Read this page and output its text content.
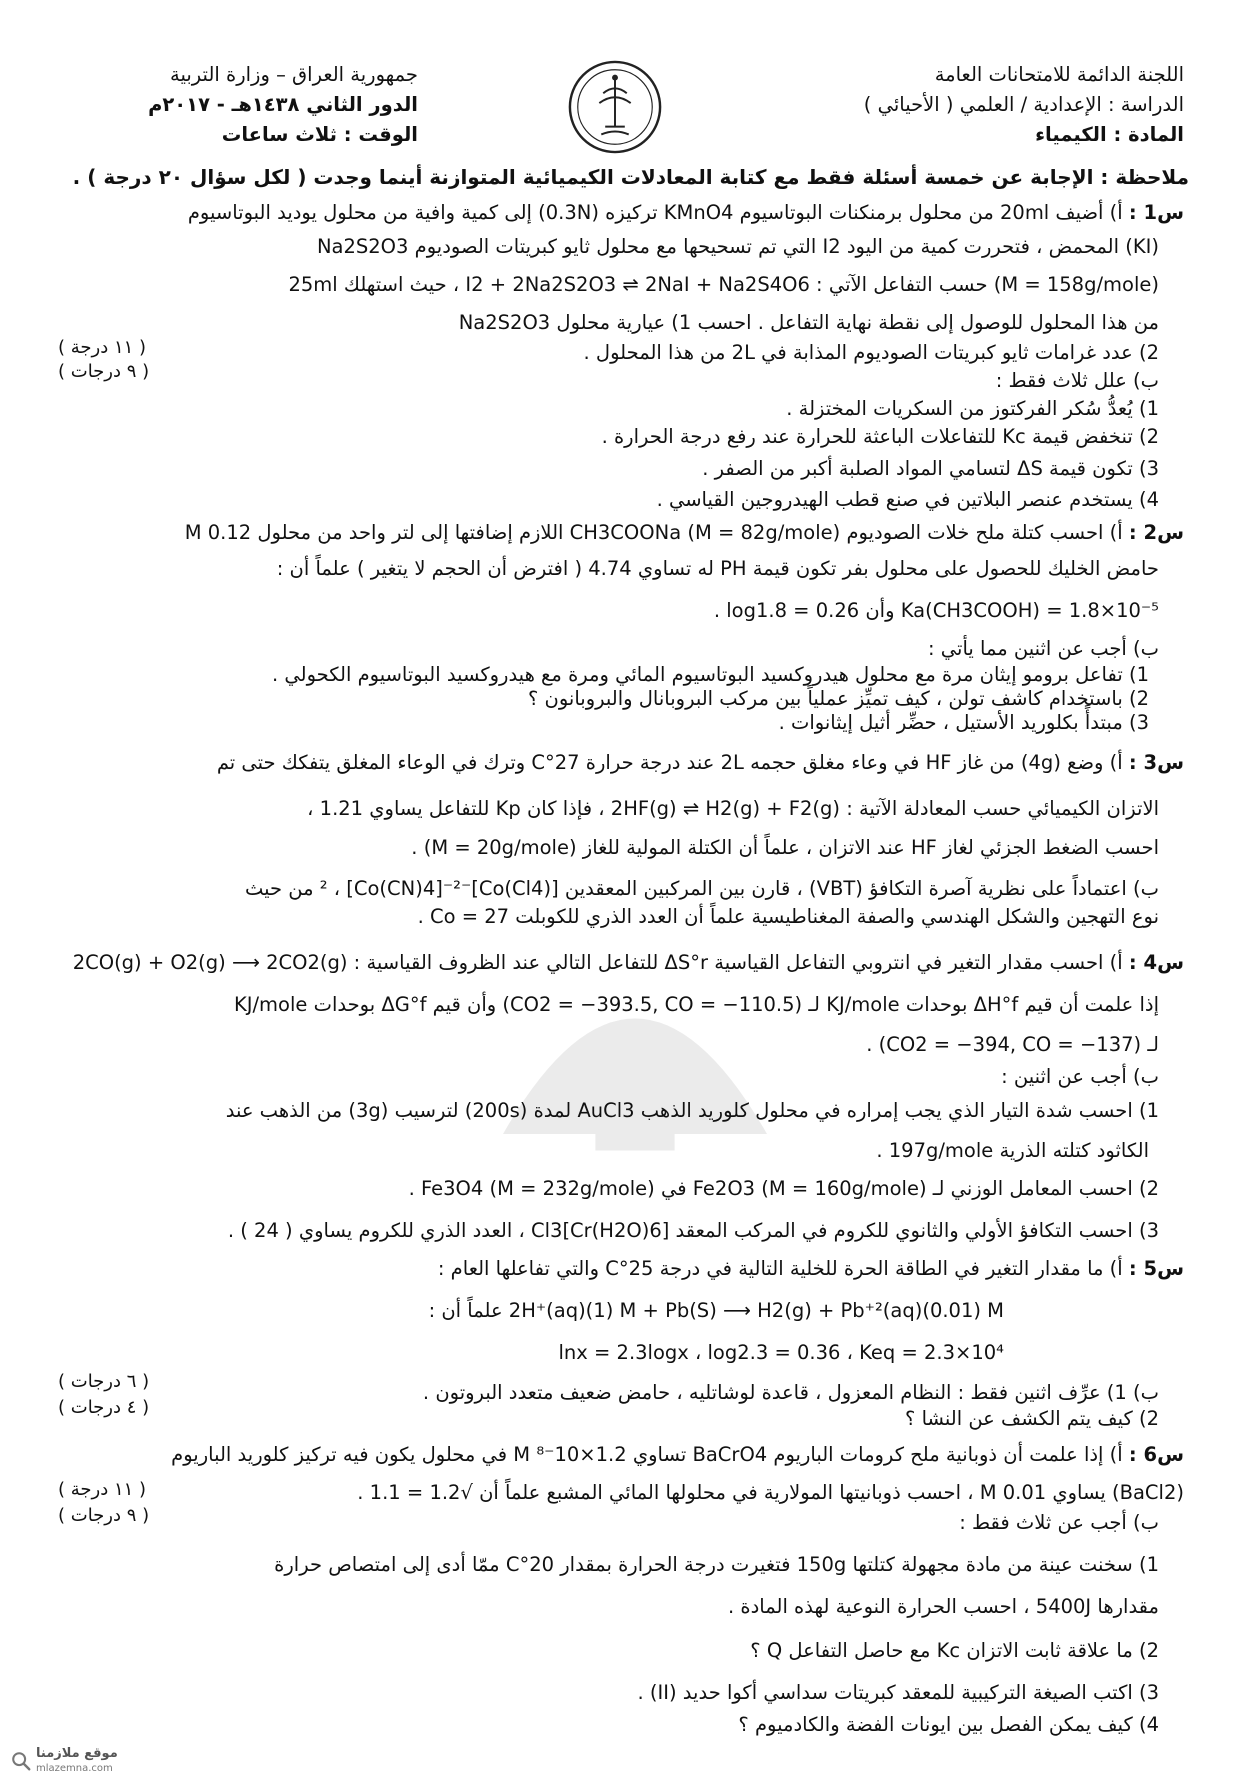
اللجنة الدائمة للامتحانات العامة
الدراسة : الإعدادية / العلمي ( الأحيائي )
المادة : الكيمياء
جمهورية العراق – وزارة التربية
الدور الثاني ١٤٣٨هـ - ٢٠١٧م
الوقت : ثلاث ساعات
ملاحظة : الإجابة عن خمسة أسئلة فقط مع كتابة المعادلات الكيميائية المتوازنة أينما وجدت ( لكل سؤال ٢٠ درجة ) .
س1 : أ) أضيف 20ml من محلول برمنكنات البوتاسيوم KMnO4 تركيزه (0.3N) إلى كمية وافية من محلول يوديد البوتاسيوم
(KI) المحمض ، فتحررت كمية من اليود I2 التي تم تسحيحها مع محلول ثايو كبريتات الصوديوم Na2S2O3
(M = 158g/mole) حسب التفاعل الآتي : I2 + 2Na2S2O3 ⇌ 2NaI + Na2S4O6 ، حيث استهلك 25ml
من هذا المحلول للوصول إلى نقطة نهاية التفاعل . احسب 1) عيارية محلول Na2S2O3
2) عدد غرامات ثايو كبريتات الصوديوم المذابة في 2L من هذا المحلول .
( ١١ درجة )
( ٩ درجات )	ب) علل ثلاث فقط :
1) يُعدُّ سُكر الفركتوز من السكريات المختزلة .
2) تنخفض قيمة Kc للتفاعلات الباعثة للحرارة عند رفع درجة الحرارة .
3) تكون قيمة ΔS لتسامي المواد الصلبة أكبر من الصفر .
4) يستخدم عنصر البلاتين في صنع قطب الهيدروجين القياسي .
س2 : أ) احسب كتلة ملح خلات الصوديوم CH3COONa (M = 82g/mole) اللازم إضافتها إلى لتر واحد من محلول 0.12 M
حامض الخليك للحصول على محلول بفر تكون قيمة PH له تساوي 4.74 ( افترض أن الحجم لا يتغير ) علماً أن :
Ka(CH3COOH) = 1.8×10⁻⁵ وأن log1.8 = 0.26 .
ب) أجب عن اثنين مما يأتي :
1) تفاعل برومو إيثان مرة مع محلول هيدروكسيد البوتاسيوم المائي ومرة مع هيدروكسيد البوتاسيوم الكحولي .
2) باستخدام كاشف تولن ، كيف تميِّز عملياً بين مركب البروبانال والبروبانون ؟
3) مبتدأً بكلوريد الأستيل ، حضِّر أثيل إيثانوات .
س3 : أ) وضع (4g) من غاز HF في وعاء مغلق حجمه 2L عند درجة حرارة 27°C وترك في الوعاء المغلق يتفكك حتى تم
الاتزان الكيميائي حسب المعادلة الآتية : 2HF(g) ⇌ H2(g) + F2(g) ، فإذا كان Kp للتفاعل يساوي 1.21 ،
احسب الضغط الجزئي لغاز HF عند الاتزان ، علماً أن الكتلة المولية للغاز (M = 20g/mole) .
ب) اعتماداً على نظرية آصرة التكافؤ (VBT) ، قارن بين المركبين المعقدين [Co(Cl4)]⁻² ، [Co(CN)4]⁻² من حيث
نوع التهجين والشكل الهندسي والصفة المغناطيسية علماً أن العدد الذري للكوبلت Co = 27 .
س4 : أ) احسب مقدار التغير في انتروبي التفاعل القياسية ΔS°r للتفاعل التالي عند الظروف القياسية : 2CO(g) + O2(g) ⟶ 2CO2(g)
إذا علمت أن قيم ΔH°f بوحدات KJ/mole لـ (CO2 = −393.5, CO = −110.5) وأن قيم ΔG°f بوحدات KJ/mole
لـ (CO2 = −394, CO = −137) .
ب) أجب عن اثنين :
1) احسب شدة التيار الذي يجب إمراره في محلول كلوريد الذهب AuCl3 لمدة (200s) لترسيب (3g) من الذهب عند
الكاثود كتلته الذرية 197g/mole .
2) احسب المعامل الوزني لـ Fe2O3 (M = 160g/mole) في Fe3O4 (M = 232g/mole) .
3) احسب التكافؤ الأولي والثانوي للكروم في المركب المعقد [Cr(H2O)6]Cl3 ، العدد الذري للكروم يساوي ( 24 ) .
س5 : أ) ما مقدار التغير في الطاقة الحرة للخلية التالية في درجة 25°C والتي تفاعلها العام :
2H⁺(aq)(1) M + Pb(S) ⟶ H2(g) + Pb⁺²(aq)(0.01) M علماً أن :
lnx = 2.3logx ، log2.3 = 0.36 ، Keq = 2.3×10⁴
ب) 1) عرِّف اثنين فقط : النظام المعزول ، قاعدة لوشاتليه ، حامض ضعيف متعدد البروتون .
2) كيف يتم الكشف عن النشا ؟
( ٦ درجات )
( ٤ درجات )
س6 : أ) إذا علمت أن ذوبانية ملح كرومات الباريوم BaCrO4 تساوي 1.2×10⁻⁸ M في محلول يكون فيه تركيز كلوريد الباريوم
(BaCl2) يساوي 0.01 M ، احسب ذوبانيتها المولارية في محلولها المائي المشبع علماً أن √1.2 = 1.1 .
( ١١ درجة )
( ٩ درجات )	ب) أجب عن ثلاث فقط :
1) سخنت عينة من مادة مجهولة كتلتها 150g فتغيرت درجة الحرارة بمقدار 20°C ممّا أدى إلى امتصاص حرارة
مقدارها 5400J ، احسب الحرارة النوعية لهذه المادة .
2) ما علاقة ثابت الاتزان Kc مع حاصل التفاعل Q ؟
3) اكتب الصيغة التركيبية للمعقد كبريتات سداسي أكوا حديد (II) .
4) كيف يمكن الفصل بين ايونات الفضة والكادميوم ؟
موقع ملازمنا
mlazemna.com
